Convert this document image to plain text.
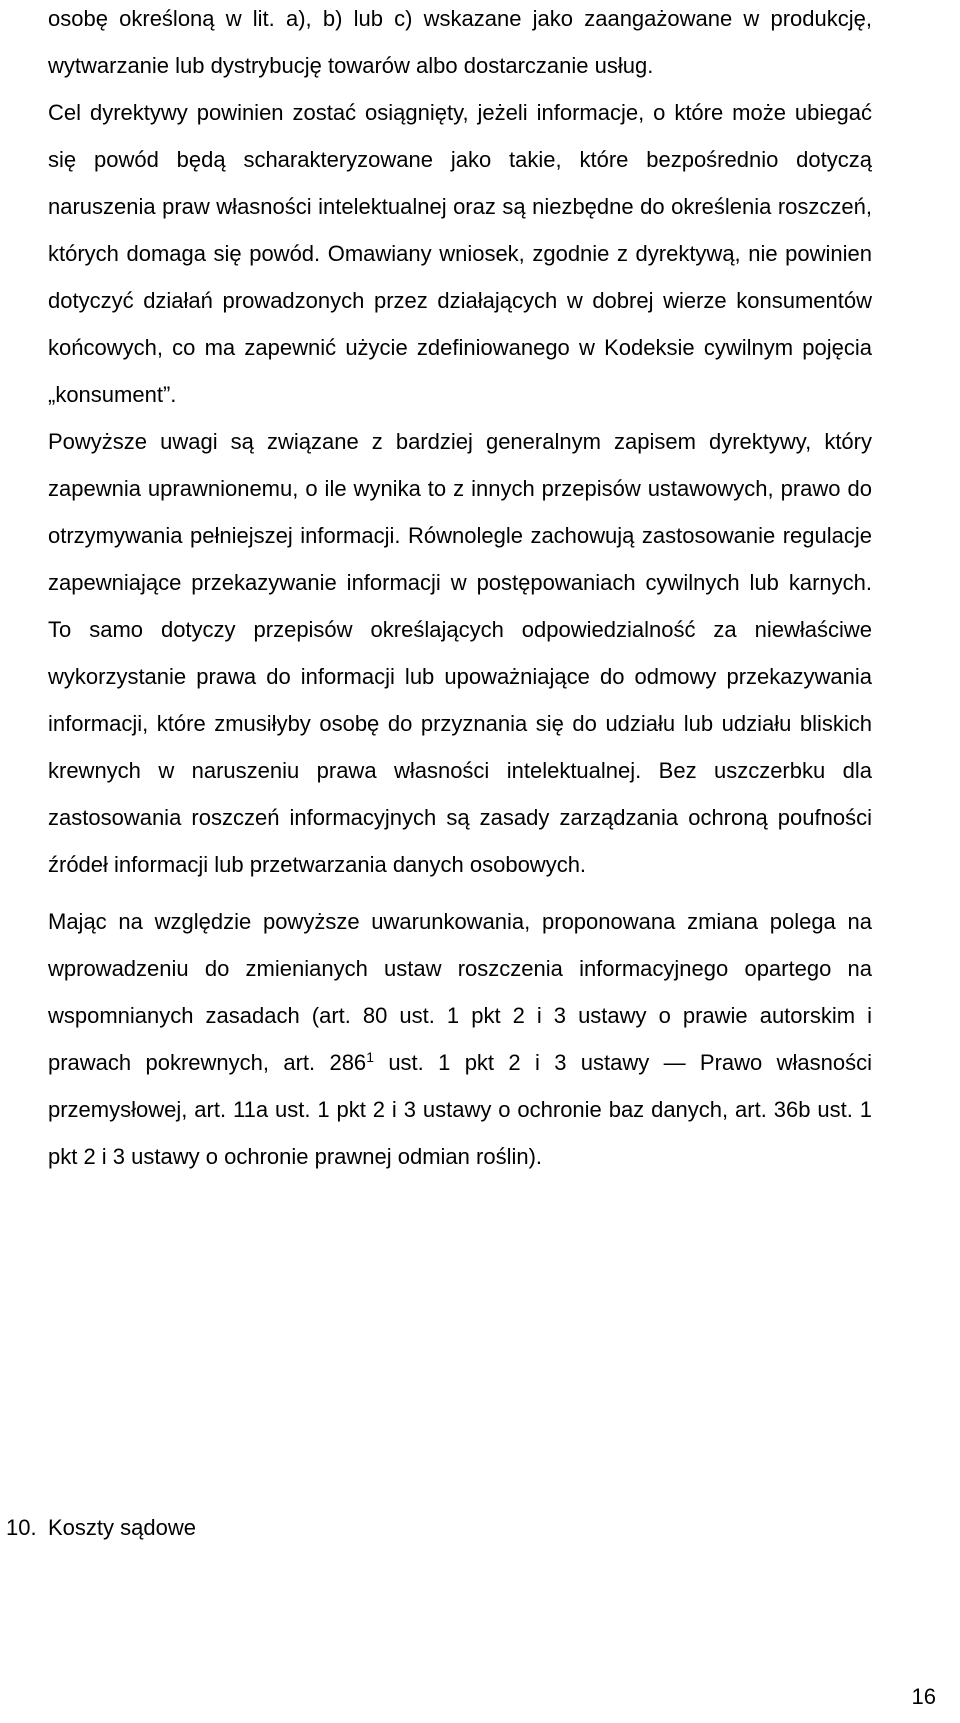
osobę określoną w lit. a), b) lub c) wskazane jako zaangażowane w produkcję, wytwarzanie lub dystrybucję towarów albo dostarczanie usług.

Cel dyrektywy powinien zostać osiągnięty, jeżeli informacje, o które może ubiegać się powód będą scharakteryzowane jako takie, które bezpośrednio dotyczą naruszenia praw własności intelektualnej oraz są niezbędne do określenia roszczeń, których domaga się powód. Omawiany wniosek, zgodnie z dyrektywą, nie powinien dotyczyć działań prowadzonych przez działających w dobrej wierze konsumentów końcowych, co ma zapewnić użycie zdefiniowanego w Kodeksie cywilnym pojęcia „konsument”.

Powyższe uwagi są związane z bardziej generalnym zapisem dyrektywy, który zapewnia uprawnionemu, o ile wynika to z innych przepisów ustawowych, prawo do otrzymywania pełniejszej informacji. Równolegle zachowują zastosowanie regulacje zapewniające przekazywanie informacji w postępowaniach cywilnych lub karnych. To samo dotyczy przepisów określających odpowiedzialność za niewłaściwe wykorzystanie prawa do informacji lub upoważniające do odmowy przekazywania informacji, które zmusiłyby osobę do przyznania się do udziału lub udziału bliskich krewnych w naruszeniu prawa własności intelektualnej. Bez uszczerbku dla zastosowania roszczeń informacyjnych są zasady zarządzania ochroną poufności źródeł informacji lub przetwarzania danych osobowych.

Mając na względzie powyższe uwarunkowania, proponowana zmiana polega na wprowadzeniu do zmienianych ustaw roszczenia informacyjnego opartego na wspomnianych zasadach (art. 80 ust. 1 pkt 2 i 3 ustawy o prawie autorskim i prawach pokrewnych, art. $286^1$ ust. 1 pkt 2 i 3 ustawy — Prawo własności przemysłowej, art. 11a ust. 1 pkt 2 i 3 ustawy o ochronie baz danych, art. 36b ust. 1 pkt 2 i 3 ustawy o ochronie prawnej odmian roślin).

10. Koszty sądowe
16
